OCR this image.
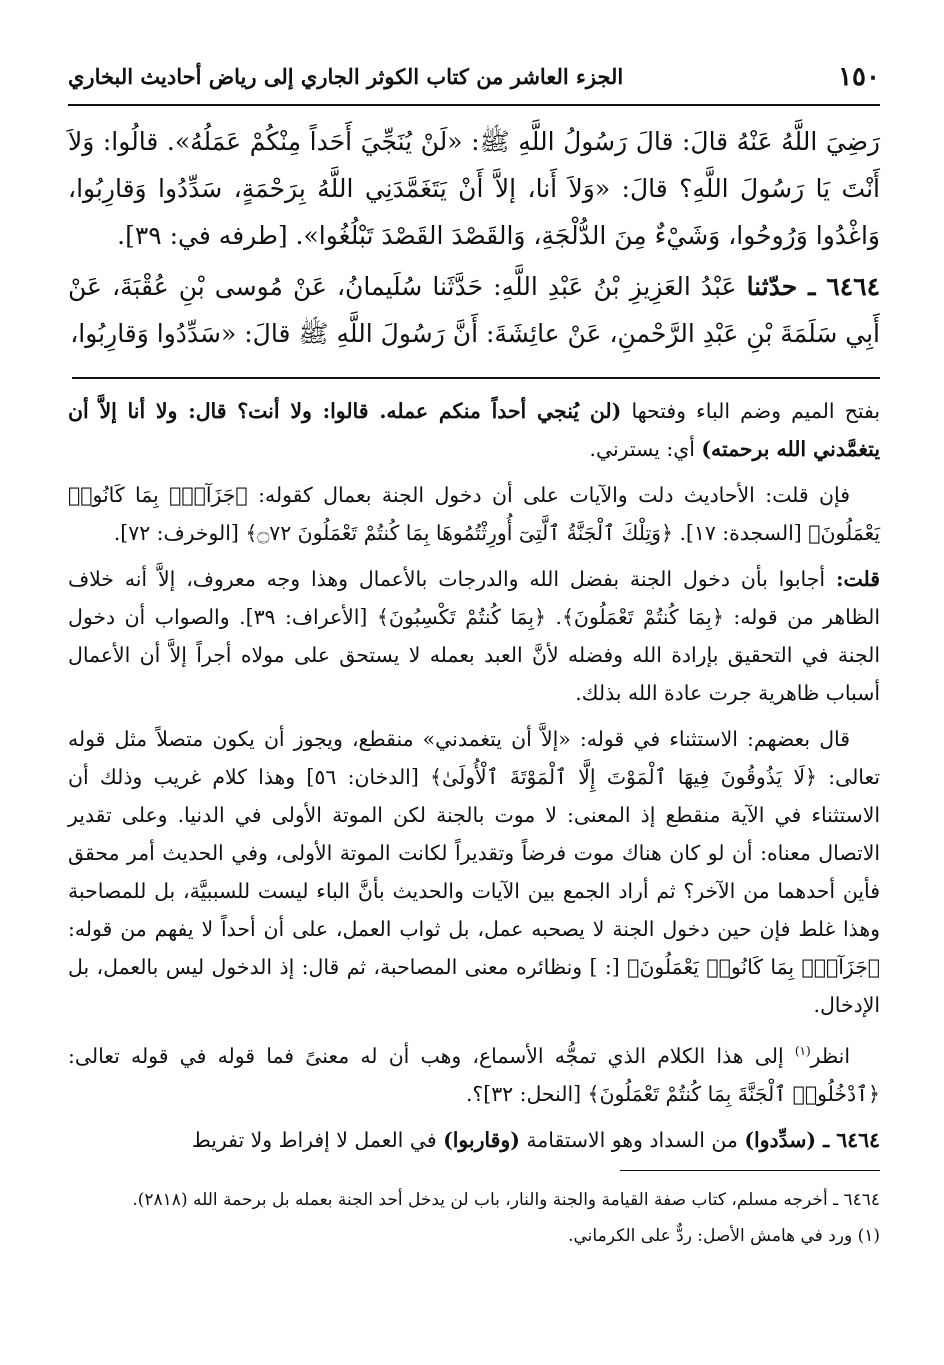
١٥٠
الجزء العاشر من كتاب الكوثر الجاري إلى رياض أحاديث البخاري

رَضِيَ اللَّهُ عَنْهُ قالَ: قالَ رَسُولُ اللَّهِ ﷺ: «لَنْ يُنَجِّيَ أَحَداً مِنْكُمْ عَمَلُهُ». قالُوا: وَلاَ أَنْتَ يَا رَسُولَ اللَّهِ؟ قالَ: «وَلاَ أَنا، إلاَّ أَنْ يَتَغَمَّدَنِي اللَّهُ بِرَحْمَةٍ، سَدِّدُوا وَقارِبُوا، وَاغْدُوا وَرُوحُوا، وَشَيْءٌ مِنَ الدُّلْجَةِ، وَالقَصْدَ القَصْدَ تَبْلُغُوا». [طرفه في: ٣٩].

٦٤٦٤ ـ حدّثنا عَبْدُ العَزِيزِ بْنُ عَبْدِ اللَّهِ: حَدَّثَنا سُلَيمانُ، عَنْ مُوسى بْنِ عُقْبَةَ، عَنْ أَبِي سَلَمَةَ بْنِ عَبْدِ الرَّحْمنِ، عَنْ عائِشَةَ: أَنَّ رَسُولَ اللَّهِ ﷺ قالَ: «سَدِّدُوا وَقارِبُوا،

بفتح الميم وضم الباء وفتحها (لن يُنجي أحداً منكم عمله. قالوا: ولا أنت؟ قال: ولا أنا إلاَّ أن يتغمَّدني الله برحمته) أي: يسترني.

فإن قلت: الأحاديث دلت والآيات على أن دخول الجنة بعمال كقوله: ﴿جَزَآءَۢ بِمَا كَانُوا۟ يَعْمَلُونَ﴾ [السجدة: ١٧]. ﴿وَتِلْكَ ٱلْجَنَّةُ ٱلَّتِىٓ أُورِثْتُمُوهَا بِمَا كُنتُمْ تَعْمَلُونَ ۝٧٢﴾ [الوخرف: ٧٢].

قلت: أجابوا بأن دخول الجنة بفضل الله والدرجات بالأعمال وهذا وجه معروف، إلاَّ أنه خلاف الظاهر من قوله: ﴿بِمَا كُنتُمْ تَعْمَلُونَ﴾. ﴿بِمَا كُنتُمْ تَكْسِبُونَ﴾ [الأعراف: ٣٩]. والصواب أن دخول الجنة في التحقيق بإرادة الله وفضله لأنَّ العبد بعمله لا يستحق على مولاه أجراً إلاَّ أن الأعمال أسباب ظاهرية جرت عادة الله بذلك.

قال بعضهم: الاستثناء في قوله: «إلاَّ أن يتغمدني» منقطع، ويجوز أن يكون متصلاً مثل قوله تعالى: ﴿لَا يَذُوقُونَ فِيهَا ٱلْمَوْتَ إِلَّا ٱلْمَوْتَةَ ٱلْأُولَىٰ﴾ [الدخان: ٥٦] وهذا كلام غريب وذلك أن الاستثناء في الآية منقطع إذ المعنى: لا موت بالجنة لكن الموتة الأولى في الدنيا. وعلى تقدير الاتصال معناه: أن لو كان هناك موت فرضاً وتقديراً لكانت الموتة الأولى، وفي الحديث أمر محقق فأين أحدهما من الآخر؟ ثم أراد الجمع بين الآيات والحديث بأنَّ الباء ليست للسببيَّة، بل للمصاحبة وهذا غلط فإن حين دخول الجنة لا يصحبه عمل، بل ثواب العمل، على أن أحداً لا يفهم من قوله: ﴿جَزَآءَۢ بِمَا كَانُوا۟ يَعْمَلُونَ﴾ [: ] ونظائره معنى المصاحبة، ثم قال: إذ الدخول ليس بالعمل، بل الإدخال.

انظر$^{(١)}$ إلى هذا الكلام الذي تمجُّه الأسماع، وهب أن له معنىً فما قوله في قوله تعالى: ﴿ٱدْخُلُوا۟ ٱلْجَنَّةَ بِمَا كُنتُمْ تَعْمَلُونَ﴾ [النحل: ٣٢]؟.

٦٤٦٤ ـ (سدِّدوا) من السداد وهو الاستقامة (وقاربوا) في العمل لا إفراط ولا تفريط

٦٤٦٤ ـ أخرجه مسلم، كتاب صفة القيامة والجنة والنار، باب لن يدخل أحد الجنة بعمله بل برحمة الله (٢٨١٨).

(١) ورد في هامش الأصل: ردٌّ على الكرماني.
